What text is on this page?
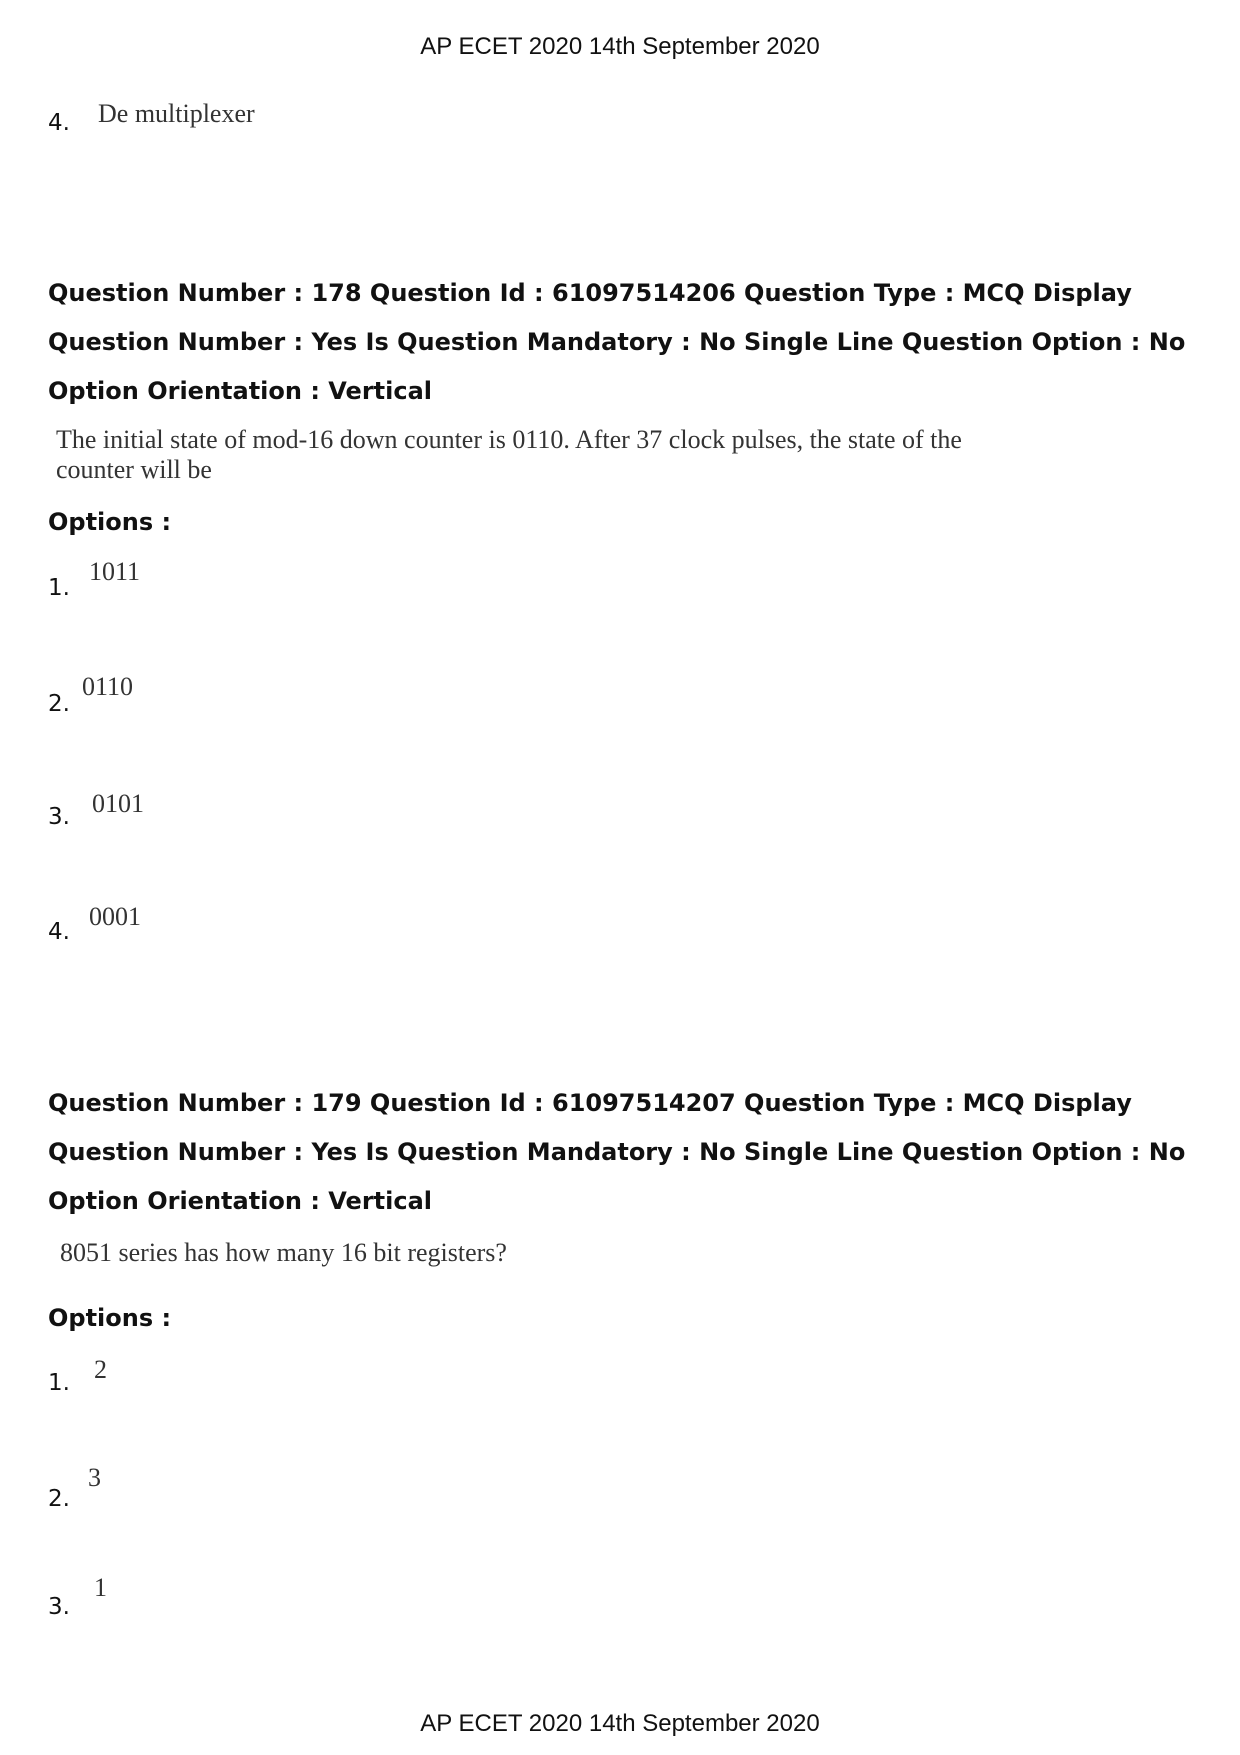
AP ECET 2020 14th September 2020
4. De multiplexer
Question Number : 178 Question Id : 61097514206 Question Type : MCQ Display Question Number : Yes Is Question Mandatory : No Single Line Question Option : No Option Orientation : Vertical
The initial state of mod-16 down counter is 0110. After 37 clock pulses, the state of the
counter will be
Options :
1.
1011
2.
0110
3. 0101
4.
0001
Question Number : 179 Question Id : 61097514207 Question Type : MCQ Display Question Number : Yes Is Question Mandatory : No Single Line Question Option : No Option Orientation : Vertical
8051 series has how many 16 bit registers?
Options :
1. 2
2.
3
3.
1
AP ECET 2020 14th September 2020
